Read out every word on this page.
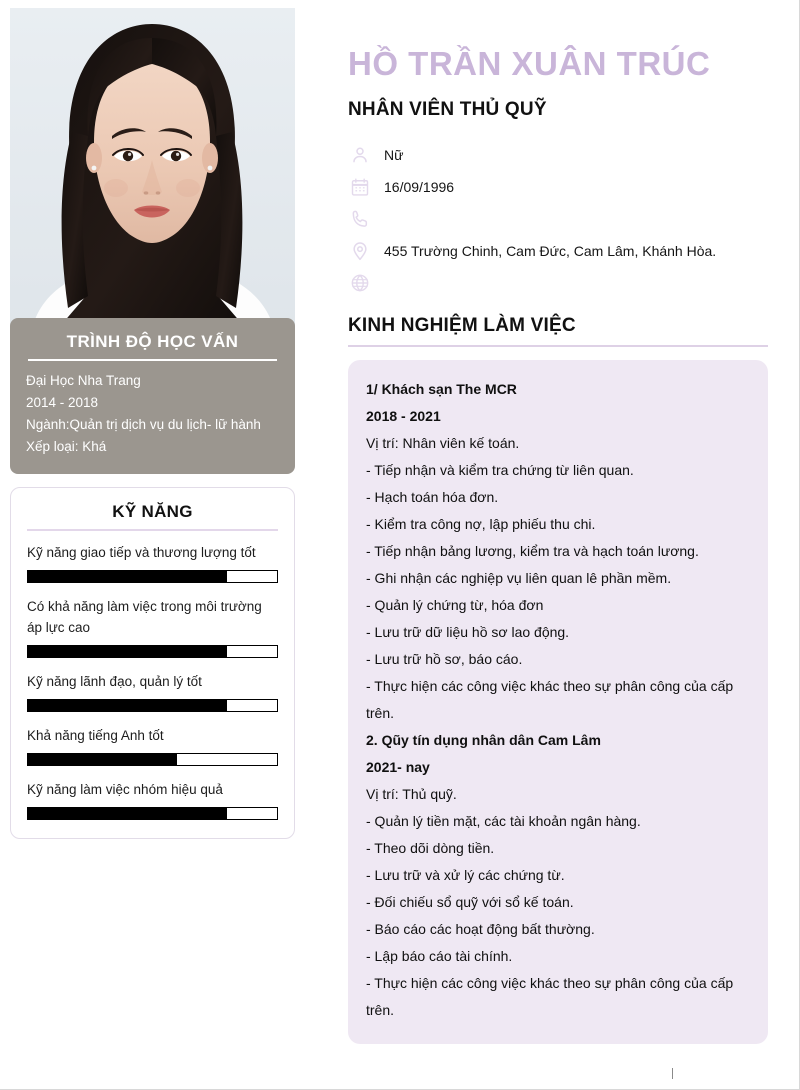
TRÌNH ĐỘ HỌC VẤN
Đại Học Nha Trang
2014 - 2018
Ngành:Quản trị dịch vụ du lịch- lữ hành
Xếp loại: Khá
KỸ NĂNG
Kỹ năng giao tiếp và thương lượng tốt
Có khả năng làm việc trong môi trường áp lực cao
Kỹ năng lãnh đạo, quản lý tốt
Khả năng tiếng Anh tốt
Kỹ năng làm việc nhóm hiệu quả
HỒ TRẦN XUÂN TRÚC
NHÂN VIÊN THỦ QUỸ
Nữ
16/09/1996
455 Trường Chinh, Cam Đức, Cam Lâm, Khánh Hòa.
KINH NGHIỆM LÀM VIỆC
1/ Khách sạn The MCR
2018 - 2021
Vị trí: Nhân viên kế toán.
- Tiếp nhận và kiểm tra chứng từ liên quan.
- Hạch toán hóa đơn.
- Kiểm tra công nợ, lập phiếu thu chi.
- Tiếp nhận bảng lương, kiểm tra và hạch toán lương.
- Ghi nhận các nghiệp vụ liên quan lê phần mềm.
- Quản lý chứng từ, hóa đơn
- Lưu trữ dữ liệu hồ sơ lao động.
- Lưu trữ hồ sơ, báo cáo.
- Thực hiện các công việc khác theo sự phân công của cấp trên.
2. Qũy tín dụng nhân dân Cam Lâm
2021- nay
Vị trí: Thủ quỹ.
- Quản lý tiền mặt, các tài khoản ngân hàng.
- Theo dõi dòng tiền.
- Lưu trữ và xử lý các chứng từ.
- Đối chiếu sổ quỹ với sổ kế toán.
- Báo cáo các hoạt động bất thường.
- Lập báo cáo tài chính.
- Thực hiện các công việc khác theo sự phân công của cấp trên.
